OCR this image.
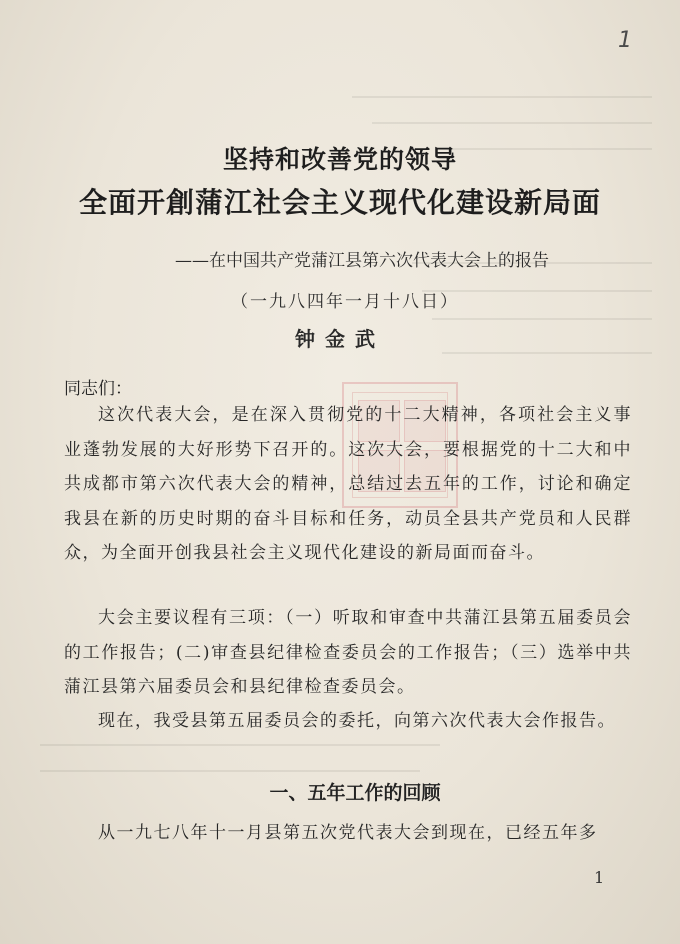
1
坚持和改善党的领导
全面开創蒲江社会主义现代化建设新局面
——在中国共产党蒲江县第六次代表大会上的报告
（一九八四年一月十八日）
钟金武
同志们：
这次代表大会，是在深入贯彻党的十二大精神，各项社会主义事业蓬勃发展的大好形势下召开的。这次大会，要根据党的十二大和中共成都市第六次代表大会的精神，总结过去五年的工作，讨论和确定我县在新的历史时期的奋斗目标和任务，动员全县共产党员和人民群众，为全面开创我县社会主义现代化建设的新局面而奋斗。
大会主要议程有三项：（一）听取和审查中共蒲江县第五届委员会的工作报告；(二)审查县纪律检查委员会的工作报告；（三）选举中共蒲江县第六届委员会和县纪律检查委员会。
现在，我受县第五届委员会的委托，向第六次代表大会作报告。
一、五年工作的回顾
从一九七八年十一月县第五次党代表大会到现在，已经五年多
1
